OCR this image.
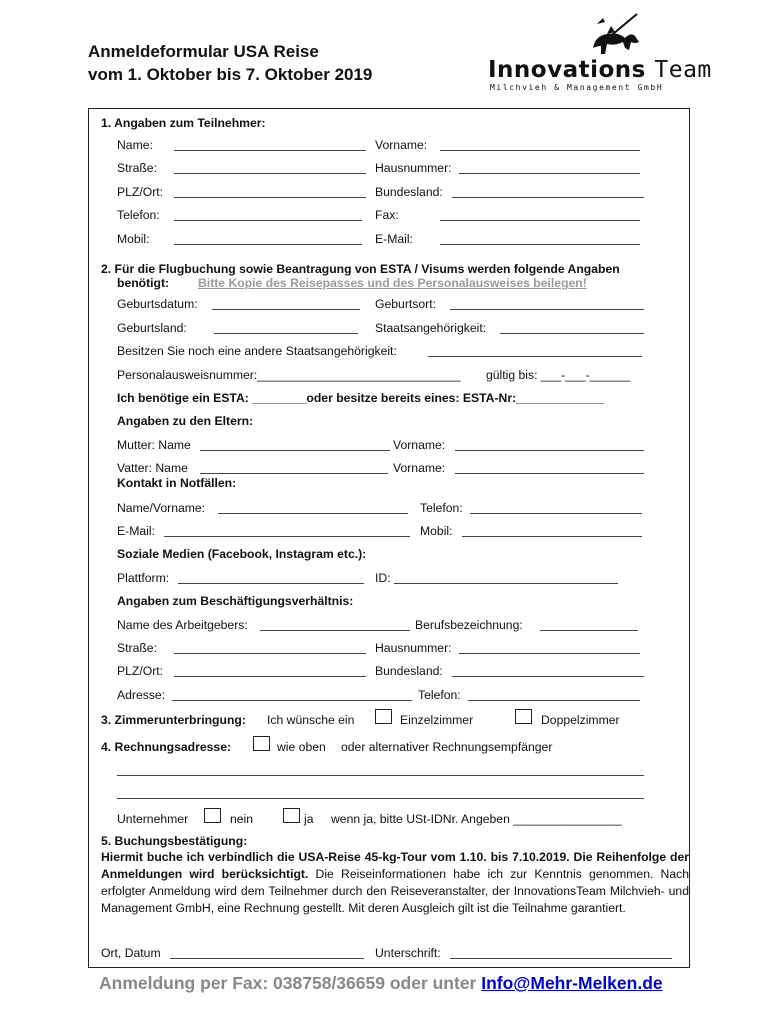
Anmeldeformular USA Reise
vom 1. Oktober bis 7. Oktober 2019	Innovations Team
Milchvieh & Management GmbH
1. Angaben zum Teilnehmer:
Name:	Vorname:
Straße:	Hausnummer:
PLZ/Ort:	Bundesland:
Telefon:	Fax:
Mobil:	E-Mail:
2. Für die Flugbuchung sowie Beantragung von ESTA / Visums werden folgende Angaben
benötigt: Bitte Kopie des Reisepasses und des Personalausweises beilegen!
Geburtsdatum:	Geburtsort:
Geburtsland:	Staatsangehörigkeit:
Besitzen Sie noch eine andere Staatsangehörigkeit:
Personalausweisnummer:______________________________ gültig bis: ___-___-______
Ich benötige ein ESTA: ________oder besitze bereits eines: ESTA-Nr:_____________
Angaben zu den Eltern:
Mutter: Name	Vorname:
Vatter: Name	Vorname:
Kontakt in Notfällen:
Name/Vorname:	Telefon:
E-Mail:	Mobil:
Soziale Medien (Facebook, Instagram etc.):
Plattform:	ID:
Angaben zum Beschäftigungsverhältnis:
Name des Arbeitgebers:	Berufsbezeichnung:
Straße:	Hausnummer:
PLZ/Ort:	Bundesland:
Adresse:	Telefon:
3. Zimmerunterbringung: Ich wünsche ein	Einzelzimmer	Doppelzimmer
4. Rechnungsadresse:	wie oben oder alternativer Rechnungsempfänger
Unternehmer	nein	ja wenn ja, bitte USt-IDNr. Angeben ________________
5. Buchungsbestätigung:
Hiermit buche ich verbindlich die USA-Reise 45-kg-Tour vom 1.10. bis 7.10.2019. Die Reihenfolge der Anmeldungen wird berücksichtigt. Die Reiseinformationen habe ich zur Kenntnis genommen. Nach erfolgter Anmeldung wird dem Teilnehmer durch den Reiseveranstalter, der InnovationsTeam Milchvieh- und Management GmbH, eine Rechnung gestellt. Mit deren Ausgleich gilt ist die Teilnahme garantiert.
Ort, Datum	Unterschrift:
Anmeldung per Fax: 038758/36659 oder unter Info@Mehr-Melken.de
